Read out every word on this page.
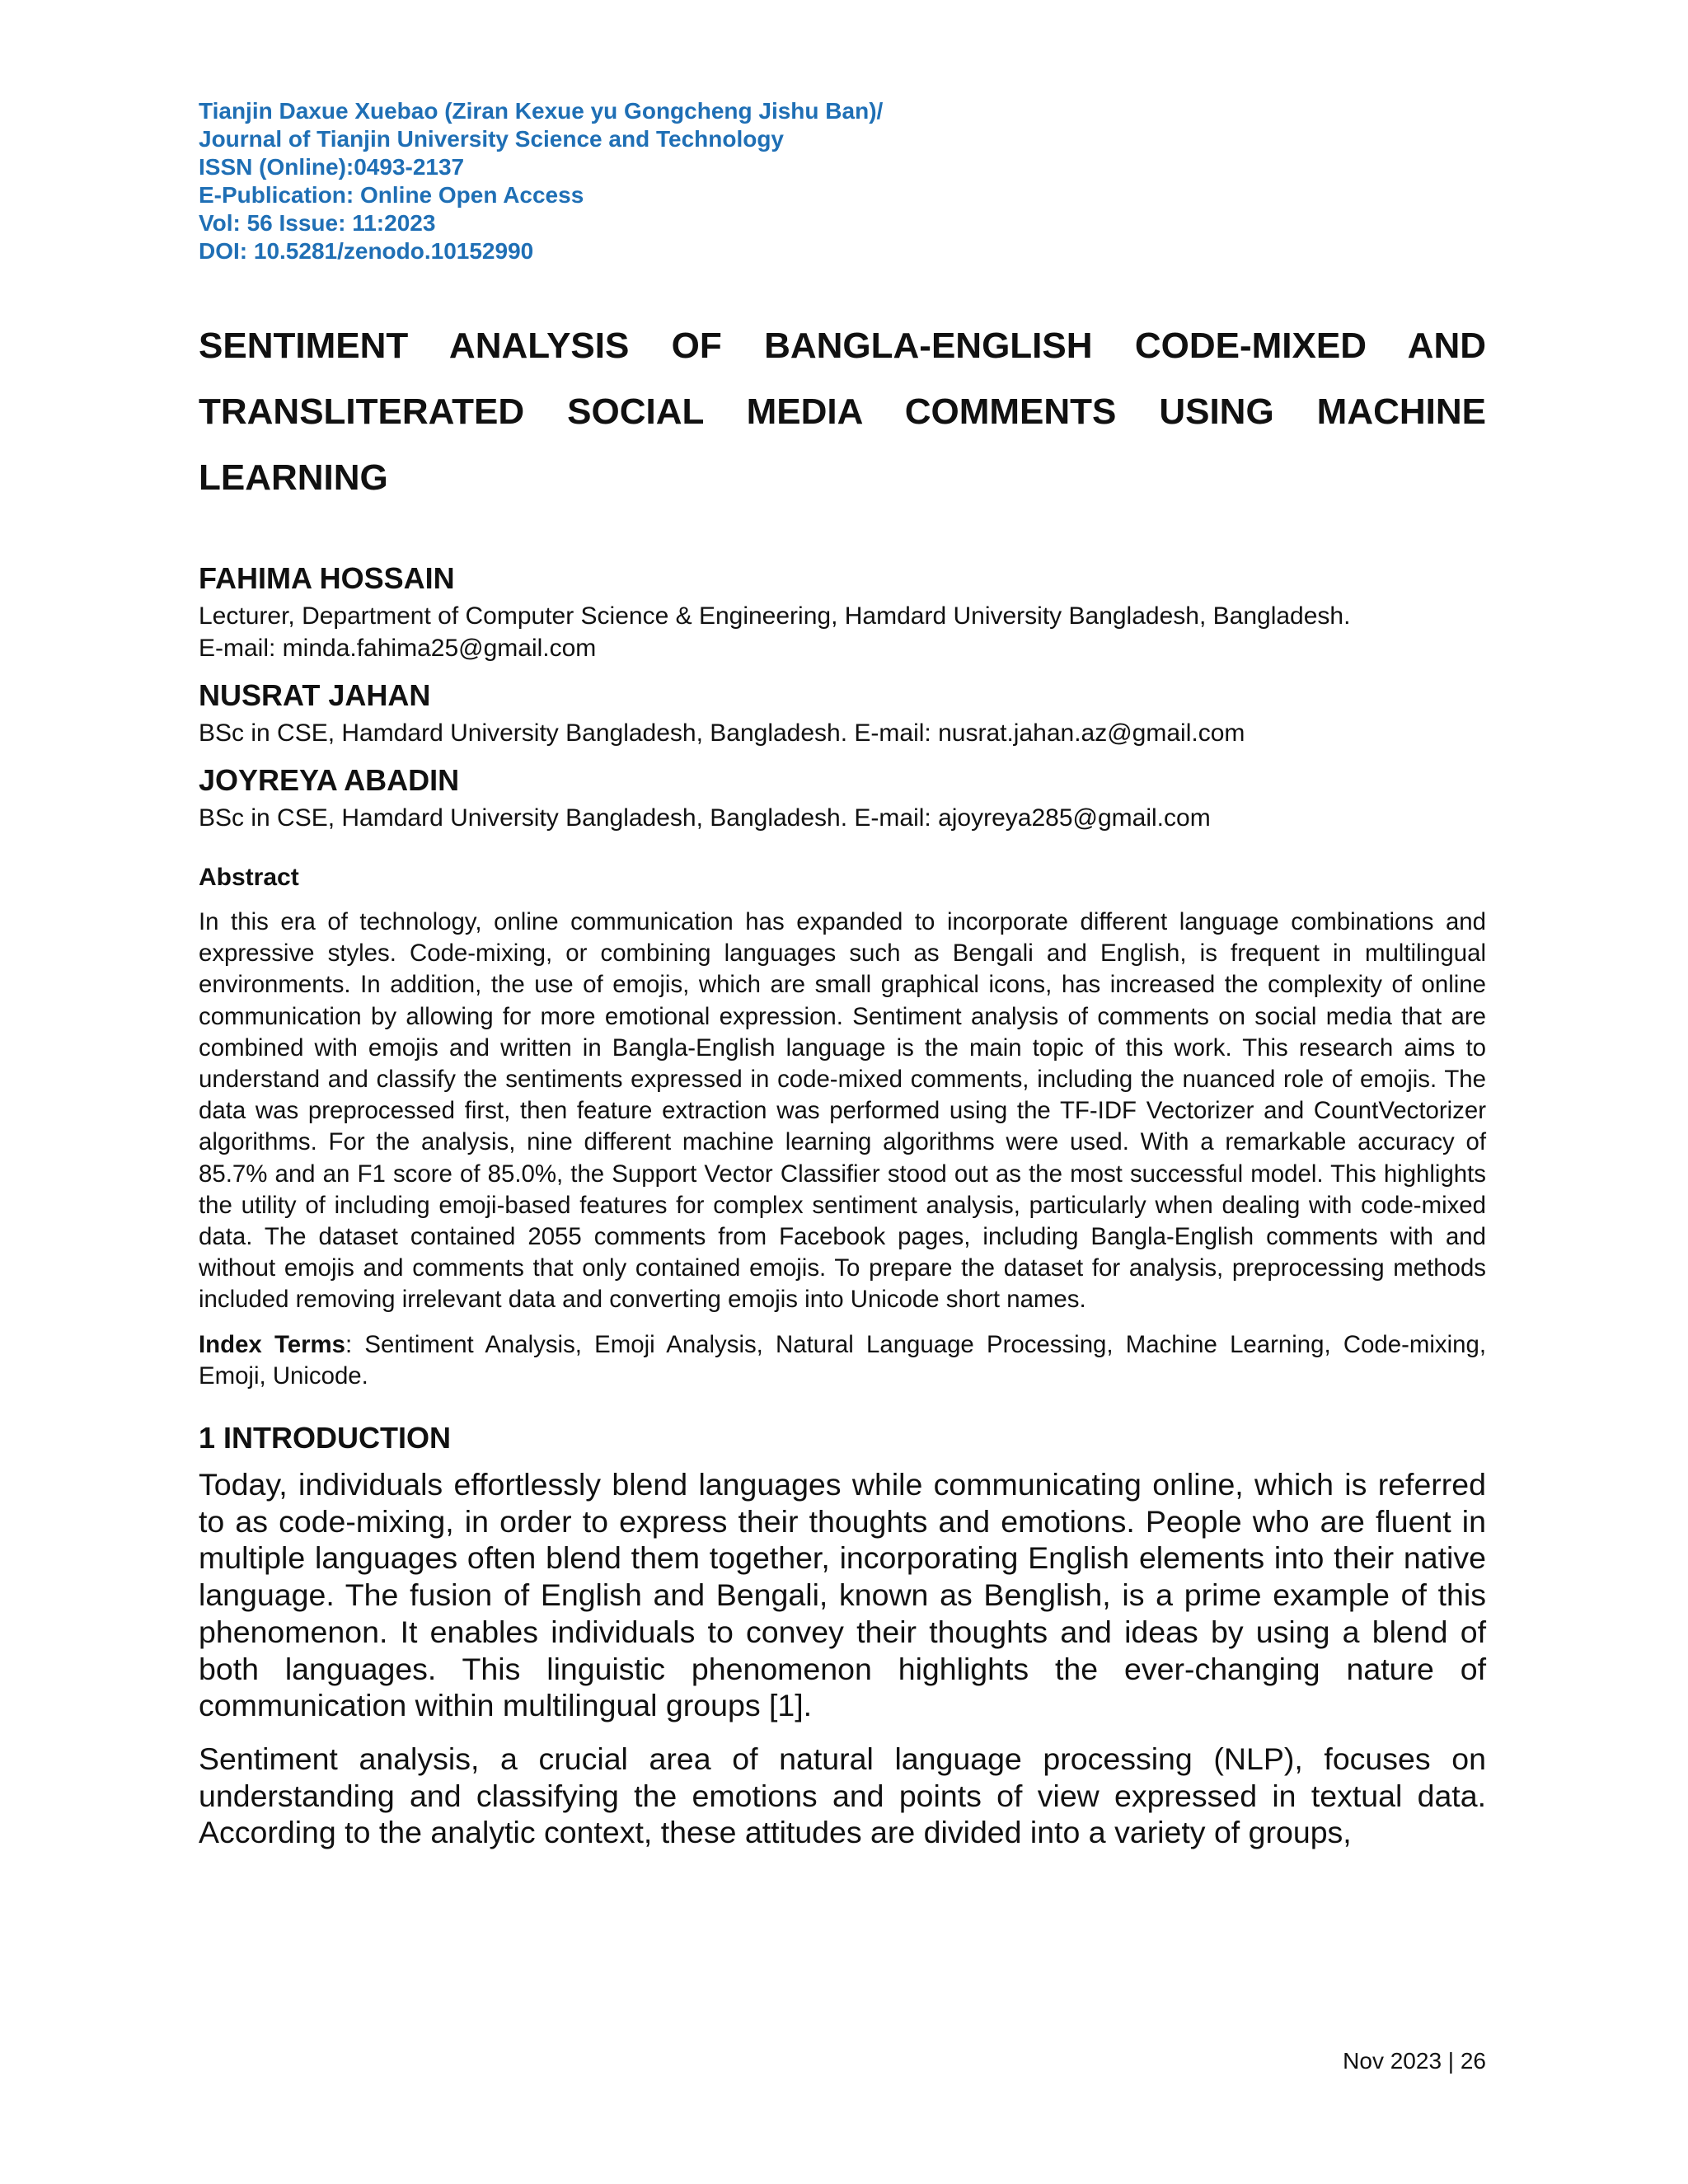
Tianjin Daxue Xuebao (Ziran Kexue yu Gongcheng Jishu Ban)/
Journal of Tianjin University Science and Technology
ISSN (Online):0493-2137
E-Publication: Online Open Access
Vol: 56 Issue: 11:2023
DOI: 10.5281/zenodo.10152990
SENTIMENT ANALYSIS OF BANGLA-ENGLISH CODE-MIXED AND
TRANSLITERATED SOCIAL MEDIA COMMENTS USING MACHINE
LEARNING
FAHIMA HOSSAIN
Lecturer, Department of Computer Science & Engineering, Hamdard University Bangladesh, Bangladesh.
E-mail: minda.fahima25@gmail.com
NUSRAT JAHAN
BSc in CSE, Hamdard University Bangladesh, Bangladesh. E-mail: nusrat.jahan.az@gmail.com
JOYREYA ABADIN
BSc in CSE, Hamdard University Bangladesh, Bangladesh. E-mail: ajoyreya285@gmail.com
Abstract

In this era of technology, online communication has expanded to incorporate different language combinations and expressive styles. Code-mixing, or combining languages such as Bengali and English, is frequent in multilingual environments. In addition, the use of emojis, which are small graphical icons, has increased the complexity of online communication by allowing for more emotional expression. Sentiment analysis of comments on social media that are combined with emojis and written in Bangla-English language is the main topic of this work. This research aims to understand and classify the sentiments expressed in code-mixed comments, including the nuanced role of emojis. The data was preprocessed first, then feature extraction was performed using the TF-IDF Vectorizer and CountVectorizer algorithms. For the analysis, nine different machine learning algorithms were used. With a remarkable accuracy of 85.7% and an F1 score of 85.0%, the Support Vector Classifier stood out as the most successful model. This highlights the utility of including emoji-based features for complex sentiment analysis, particularly when dealing with code-mixed data. The dataset contained 2055 comments from Facebook pages, including Bangla-English comments with and without emojis and comments that only contained emojis. To prepare the dataset for analysis, preprocessing methods included removing irrelevant data and converting emojis into Unicode short names.

Index Terms: Sentiment Analysis, Emoji Analysis, Natural Language Processing, Machine Learning, Code-mixing, Emoji, Unicode.

1 INTRODUCTION

Today, individuals effortlessly blend languages while communicating online, which is referred to as code-mixing, in order to express their thoughts and emotions. People who are fluent in multiple languages often blend them together, incorporating English elements into their native language. The fusion of English and Bengali, known as Benglish, is a prime example of this phenomenon. It enables individuals to convey their thoughts and ideas by using a blend of both languages. This linguistic phenomenon highlights the ever-changing nature of communication within multilingual groups [1].

Sentiment analysis, a crucial area of natural language processing (NLP), focuses on understanding and classifying the emotions and points of view expressed in textual data. According to the analytic context, these attitudes are divided into a variety of groups,

Nov 2023 | 26
